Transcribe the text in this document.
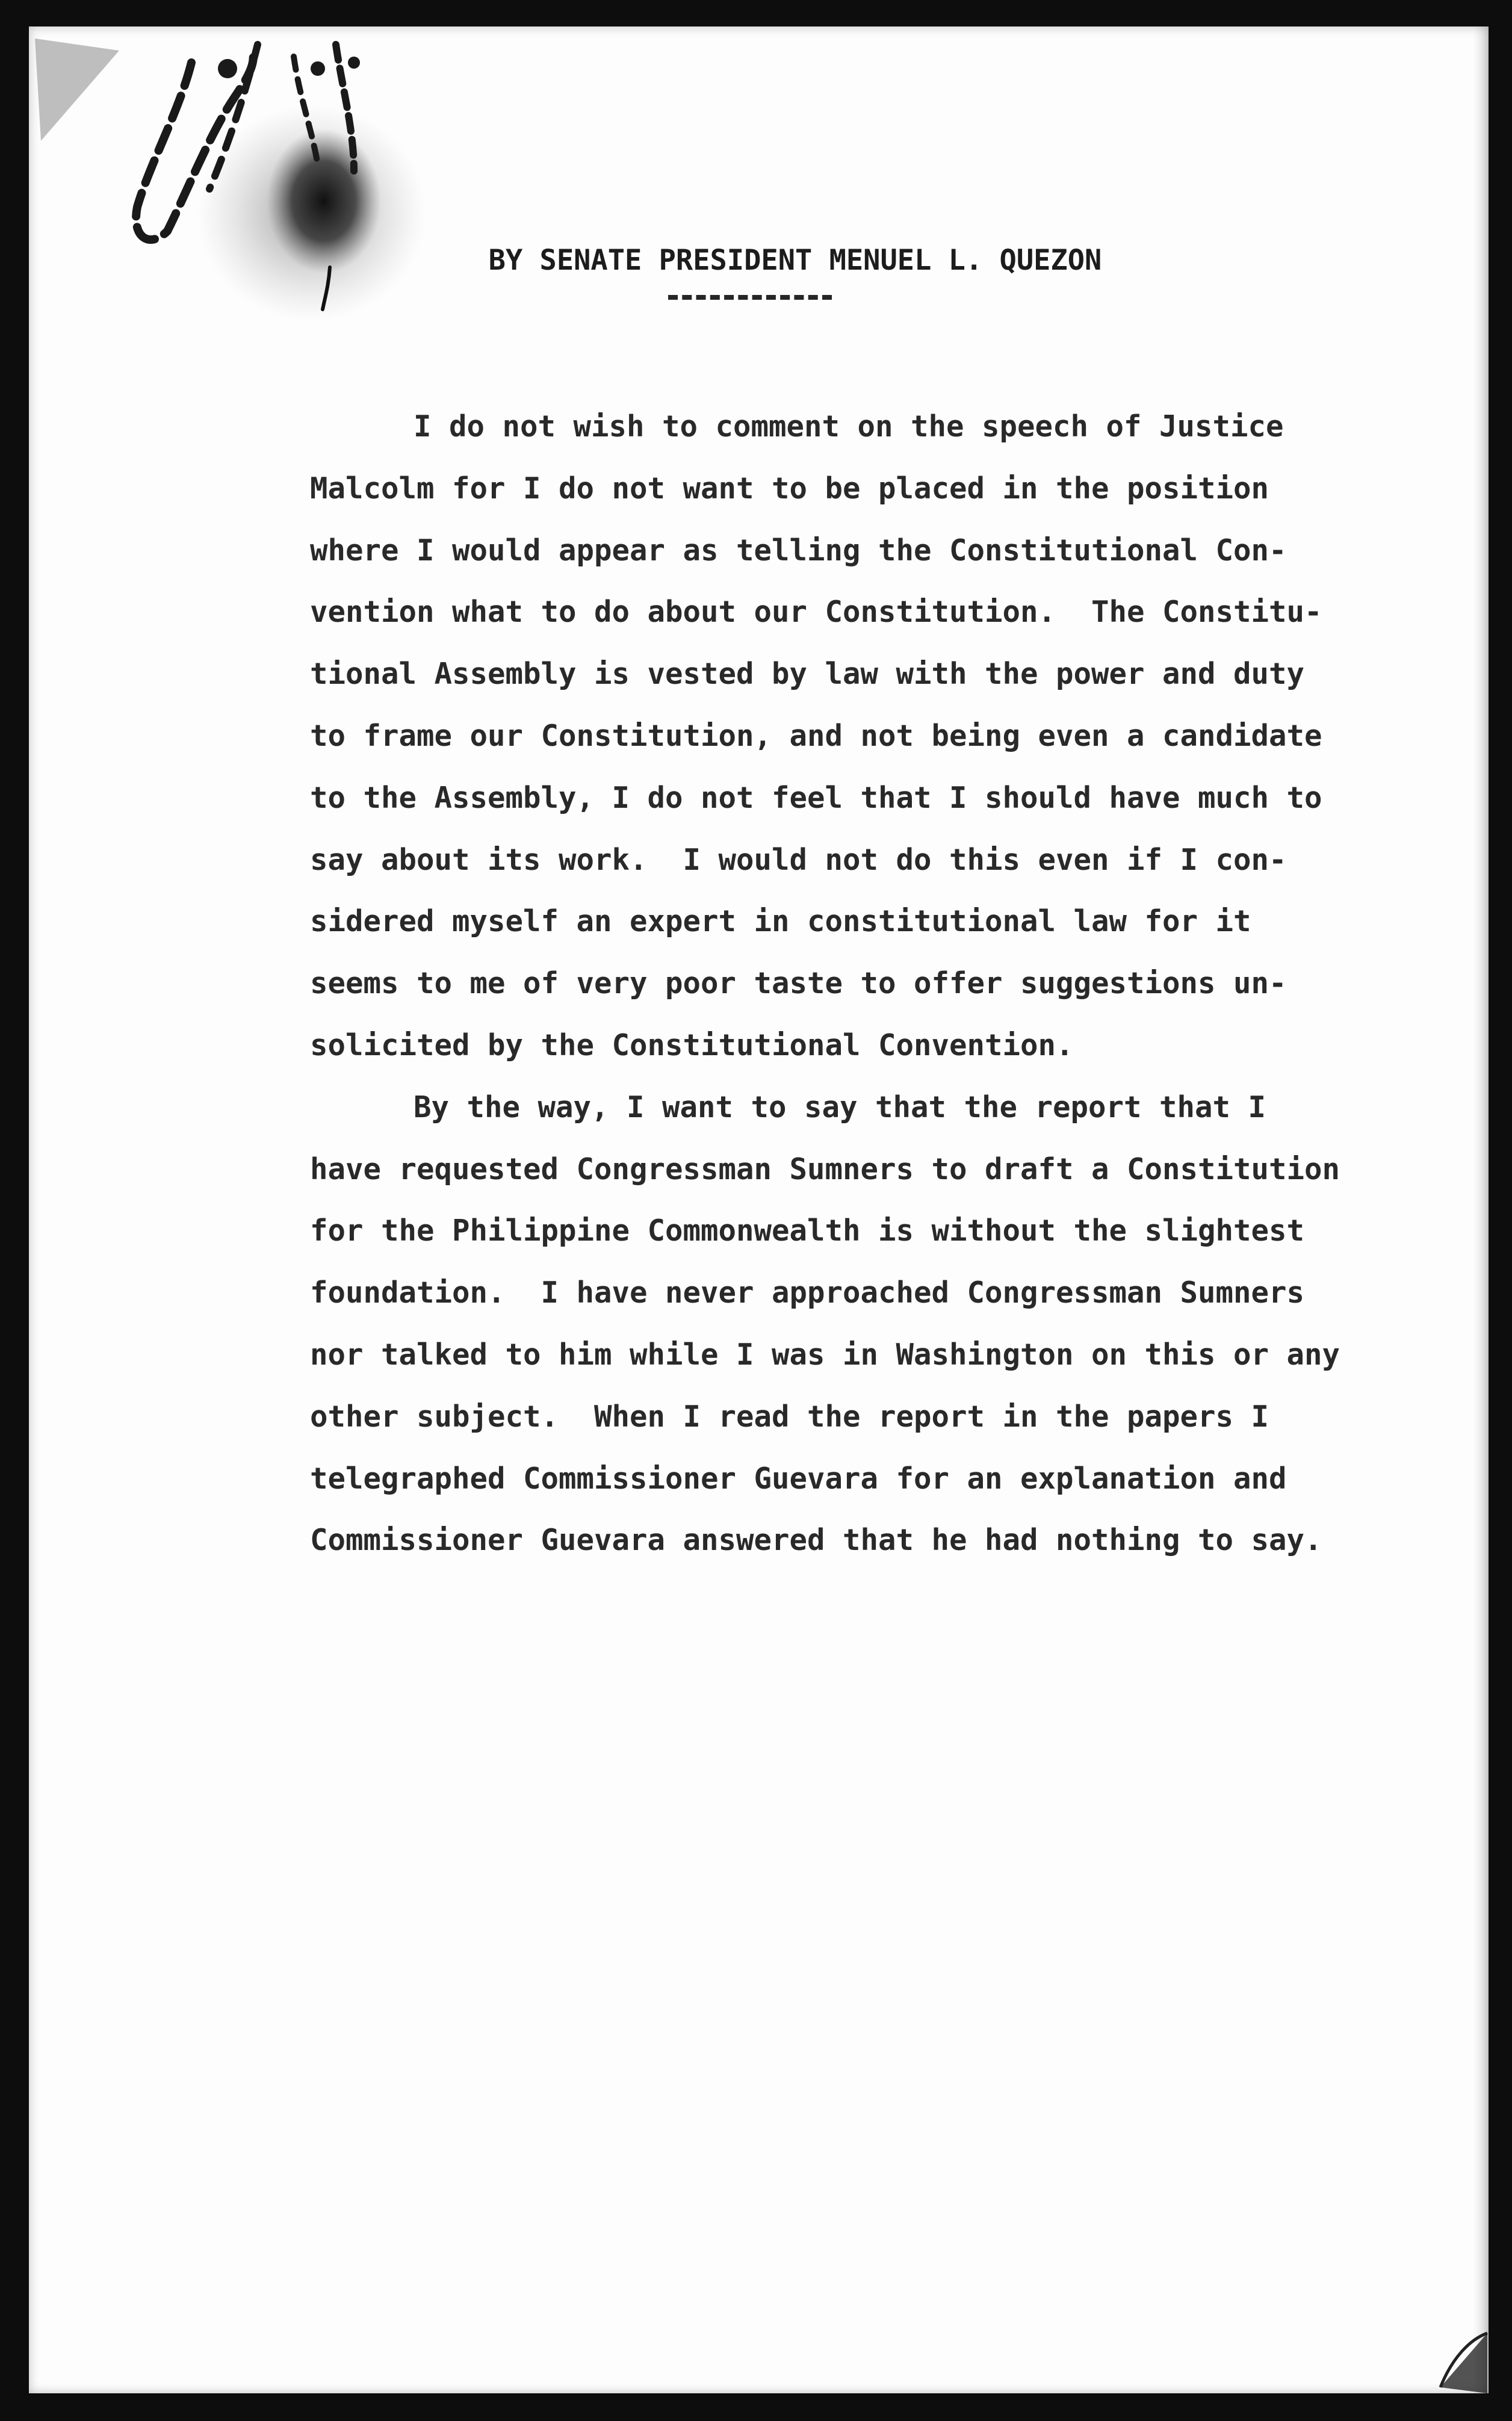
BY SENATE PRESIDENT MENUEL L. QUEZON
I do not wish to comment on the speech of Justice
Malcolm for I do not want to be placed in the position
where I would appear as telling the Constitutional Con-
vention what to do about our Constitution.  The Constitu-
tional Assembly is vested by law with the power and duty
to frame our Constitution, and not being even a candidate
to the Assembly, I do not feel that I should have much to
say about its work.  I would not do this even if I con-
sidered myself an expert in constitutional law for it
seems to me of very poor taste to offer suggestions un-
solicited by the Constitutional Convention.
By the way, I want to say that the report that I
have requested Congressman Sumners to draft a Constitution
for the Philippine Commonwealth is without the slightest
foundation.  I have never approached Congressman Sumners
nor talked to him while I was in Washington on this or any
other subject.  When I read the report in the papers I
telegraphed Commissioner Guevara for an explanation and
Commissioner Guevara answered that he had nothing to say.
